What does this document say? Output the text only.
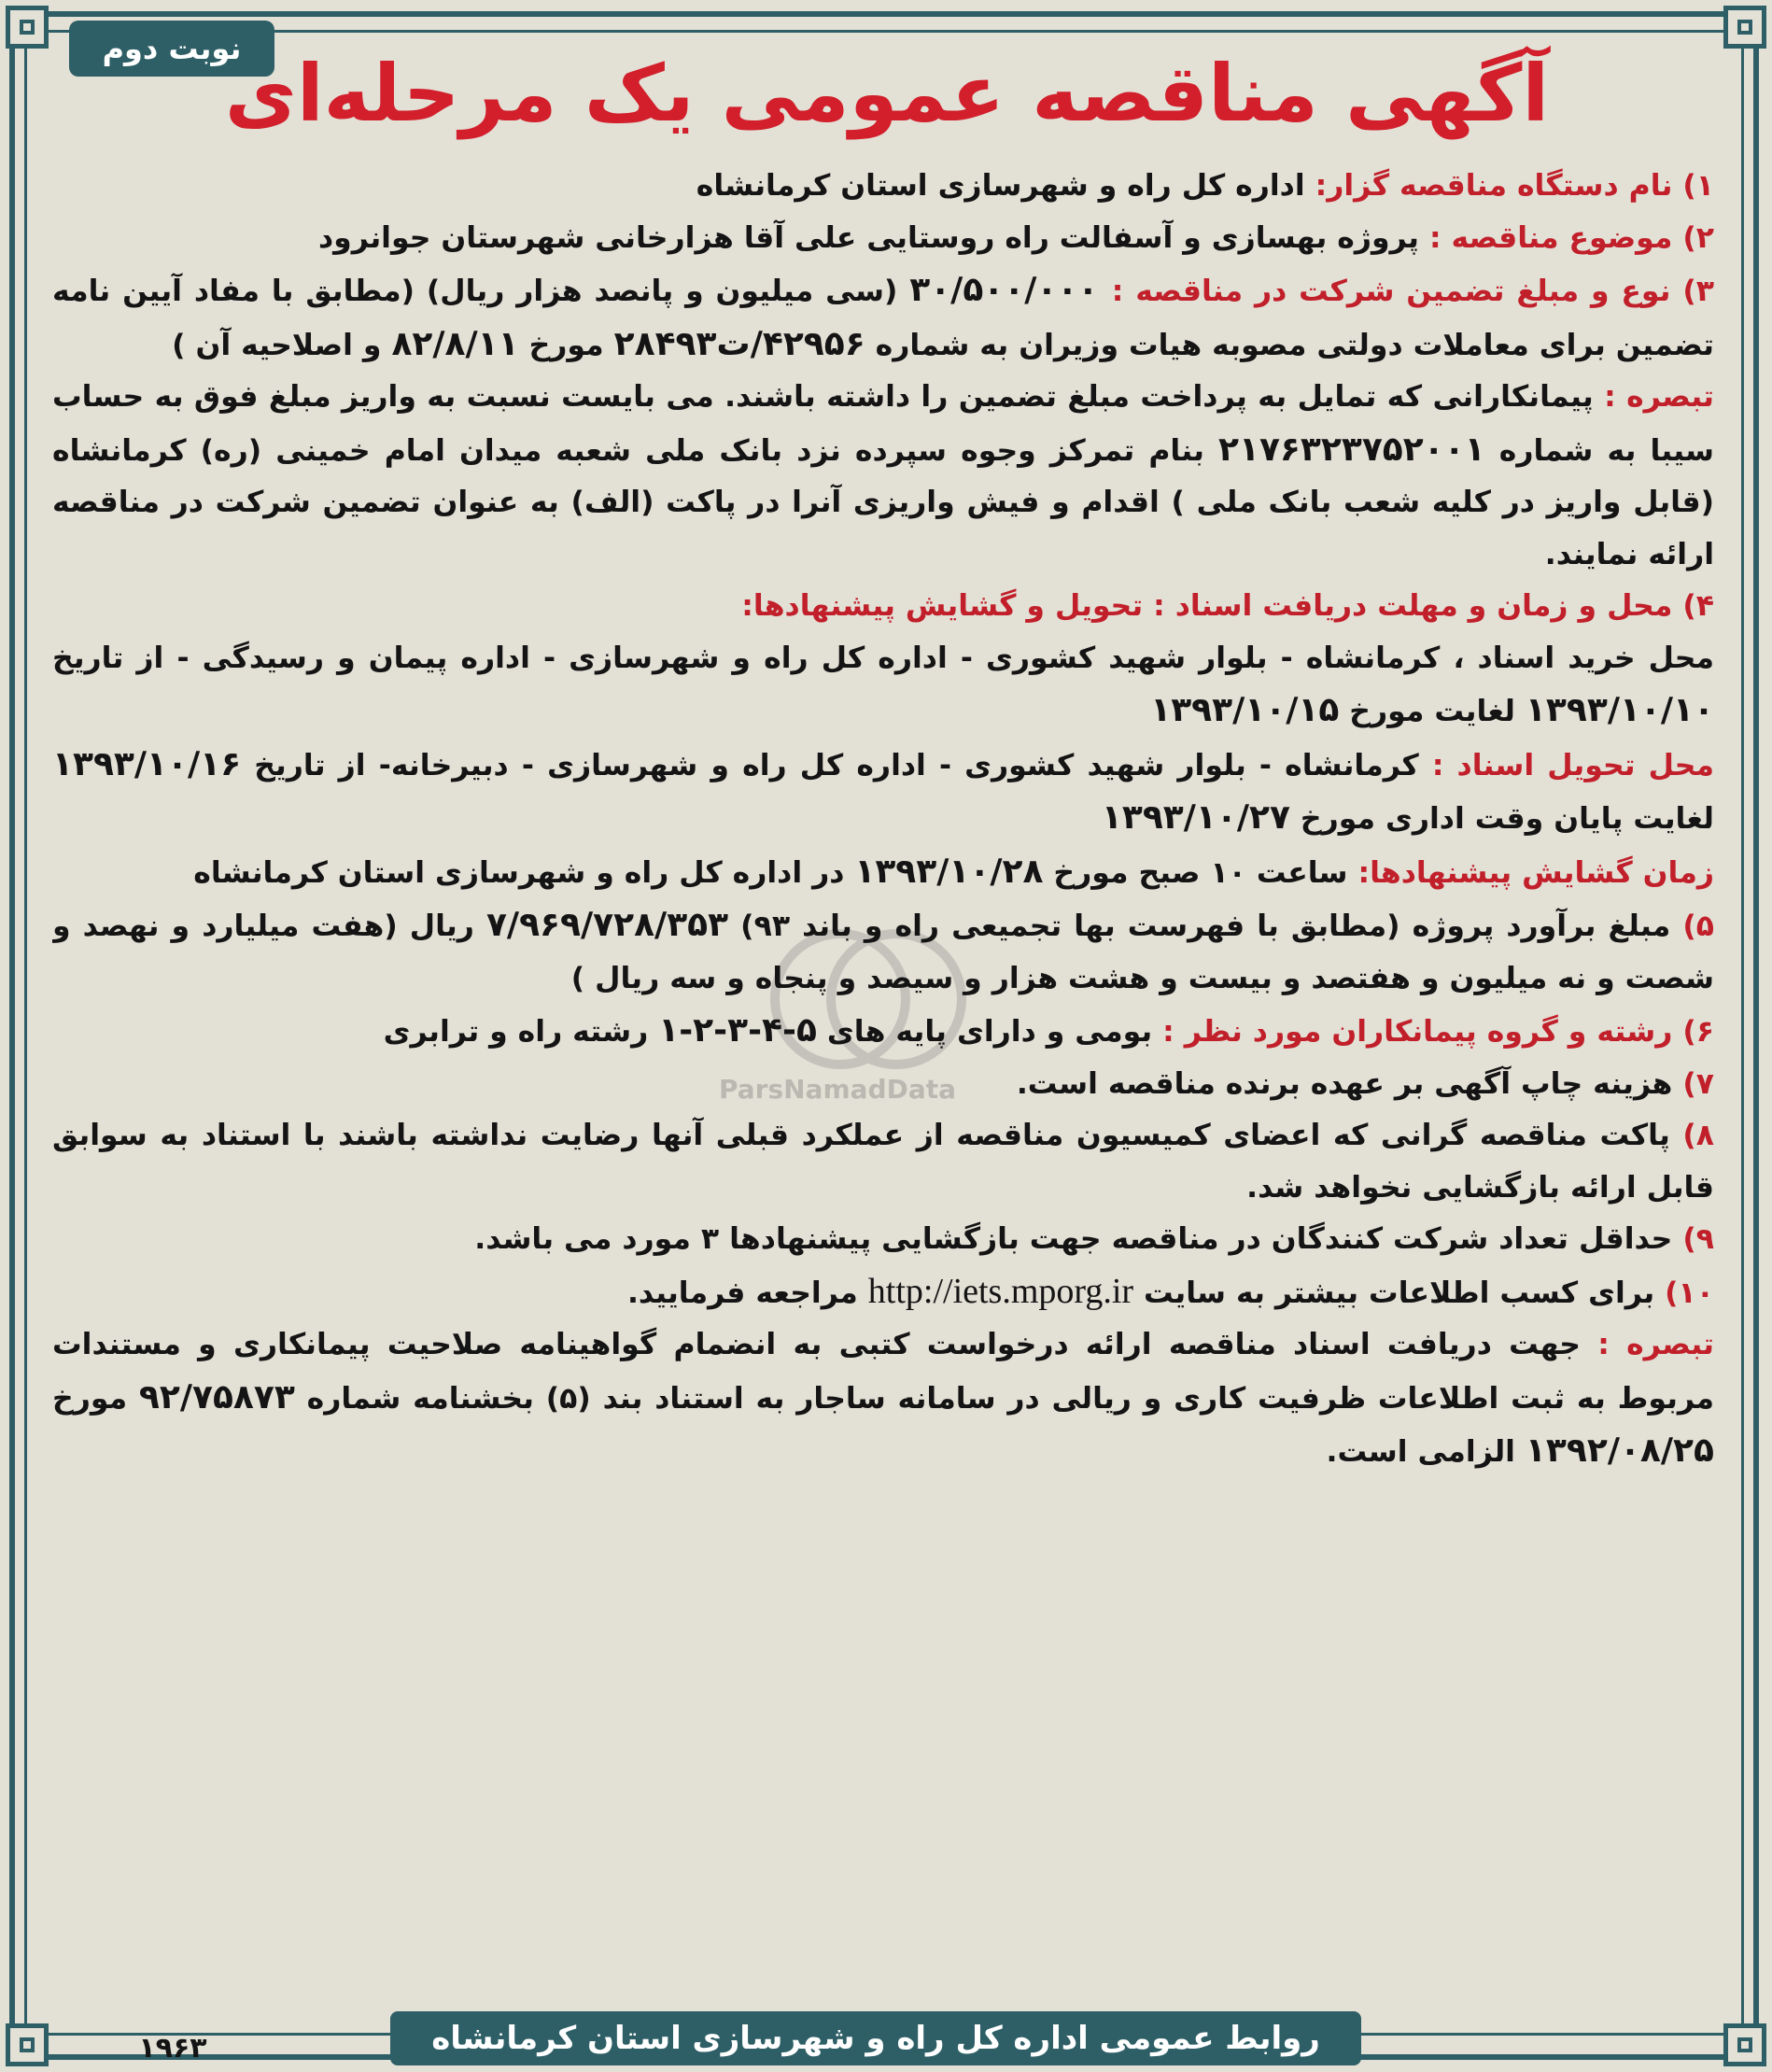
نوبت دوم
آگهی مناقصه عمومی یک مرحله‌ای
ParsNamadData

۱) نام دستگاه مناقصه گزار: اداره کل راه و شهرسازی استان کرمانشاه

۲) موضوع مناقصه : پروژه بهسازی و آسفالت راه روستایی علی آقا هزارخانی شهرستان جوانرود

۳) نوع و مبلغ تضمین شرکت در مناقصه : ۳۰/۵۰۰/۰۰۰ (سی میلیون و پانصد هزار ریال) (مطابق با مفاد آیین نامه تضمین برای معاملات دولتی مصوبه هیات وزیران به شماره ۴۲۹۵۶/ت۲۸۴۹۳ مورخ ۸۲/۸/۱۱ و اصلاحیه آن )

تبصره : پیمانکارانی که تمایل به پرداخت مبلغ تضمین را داشته باشند. می بایست نسبت به واریز مبلغ فوق به حساب سیبا به شماره ۲۱۷۶۳۲۳۷۵۲۰۰۱ بنام تمرکز وجوه سپرده نزد بانک ملی شعبه میدان امام خمینی (ره) کرمانشاه (قابل واریز در کلیه شعب بانک ملی ) اقدام و فیش واریزی آنرا در پاکت (الف) به عنوان تضمین شرکت در مناقصه ارائه نمایند.

۴) محل و زمان و مهلت دریافت اسناد : تحویل و گشایش پیشنهادها:

محل خرید اسناد ، کرمانشاه - بلوار شهید کشوری - اداره کل راه و شهرسازی - اداره پیمان و رسیدگی - از تاریخ ۱۳۹۳/۱۰/۱۰ لغایت مورخ ۱۳۹۳/۱۰/۱۵

محل تحویل اسناد : کرمانشاه - بلوار شهید کشوری - اداره کل راه و شهرسازی - دبیرخانه- از تاریخ ۱۳۹۳/۱۰/۱۶ لغایت پایان وقت اداری مورخ ۱۳۹۳/۱۰/۲۷

زمان گشایش پیشنهادها: ساعت ۱۰ صبح مورخ ۱۳۹۳/۱۰/۲۸ در اداره کل راه و شهرسازی استان کرمانشاه

۵) مبلغ برآورد پروژه (مطابق با فهرست بها تجمیعی راه و باند ۹۳) ۷/۹۶۹/۷۲۸/۳۵۳ ریال (هفت میلیارد و نهصد و شصت و نه میلیون و هفتصد و بیست و هشت هزار و سیصد و پنجاه و سه ریال )

۶) رشته و گروه پیمانکاران مورد نظر : بومی و دارای پایه های ۵-۴-۳-۲-۱ رشته راه و ترابری

۷) هزینه چاپ آگهی بر عهده برنده مناقصه است.

۸) پاکت مناقصه گرانی که اعضای کمیسیون مناقصه از عملکرد قبلی آنها رضایت نداشته باشند با استناد به سوابق قابل ارائه بازگشایی نخواهد شد.

۹) حداقل تعداد شرکت کنندگان در مناقصه جهت بازگشایی پیشنهادها ۳ مورد می باشد.

۱۰) برای کسب اطلاعات بیشتر به سایت http://iets.mporg.ir مراجعه فرمایید.

تبصره : جهت دریافت اسناد مناقصه ارائه درخواست کتبی به انضمام گواهینامه صلاحیت پیمانکاری و مستندات مربوط به ثبت اطلاعات ظرفیت کاری و ریالی در سامانه ساجار به استناد بند (۵) بخشنامه شماره ۹۲/۷۵۸۷۳ مورخ ۱۳۹۲/۰۸/۲۵ الزامی است.

روابط عمومی اداره کل راه و شهرسازی استان کرمانشاه
۱۹۶۳
